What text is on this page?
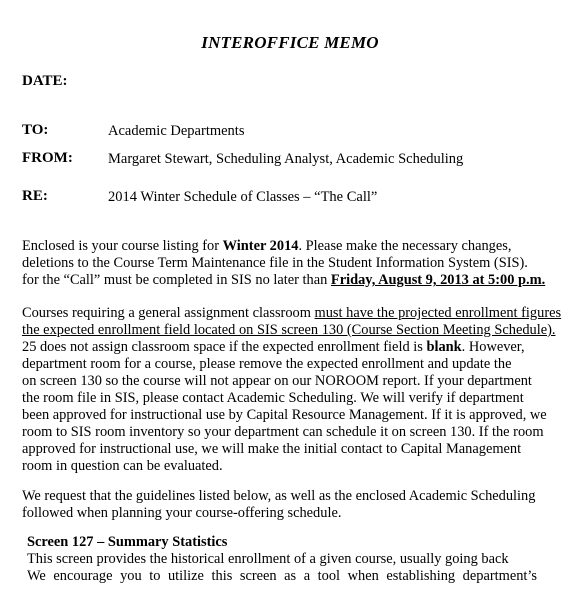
INTEROFFICE MEMO
DATE:
TO:	Academic Departments
FROM: Margaret Stewart, Scheduling Analyst, Academic Scheduling
RE:	2014 Winter Schedule of Classes – “The Call”
Enclosed is your course listing for Winter 2014. Please make the necessary changes,
deletions to the Course Term Maintenance file in the Student Information System (SIS).
for the “Call” must be completed in SIS no later than Friday, August 9, 2013 at 5:00 p.m.
Courses requiring a general assignment classroom must have the projected enrollment figures
the expected enrollment field located on SIS screen 130 (Course Section Meeting Schedule).
25 does not assign classroom space if the expected enrollment field is blank. However,
department room for a course, please remove the expected enrollment and update the
on screen 130 so the course will not appear on our NOROOM report. If your department
the room file in SIS, please contact Academic Scheduling. We will verify if department
been approved for instructional use by Capital Resource Management. If it is approved, we
room to SIS room inventory so your department can schedule it on screen 130. If the room
approved for instructional use, we will make the initial contact to Capital Management
room in question can be evaluated.
We request that the guidelines listed below, as well as the enclosed Academic Scheduling
followed when planning your course-offering schedule.
Screen 127 – Summary Statistics
This screen provides the historical enrollment of a given course, usually going back
We encourage you to utilize this screen as a tool when establishing department’s
